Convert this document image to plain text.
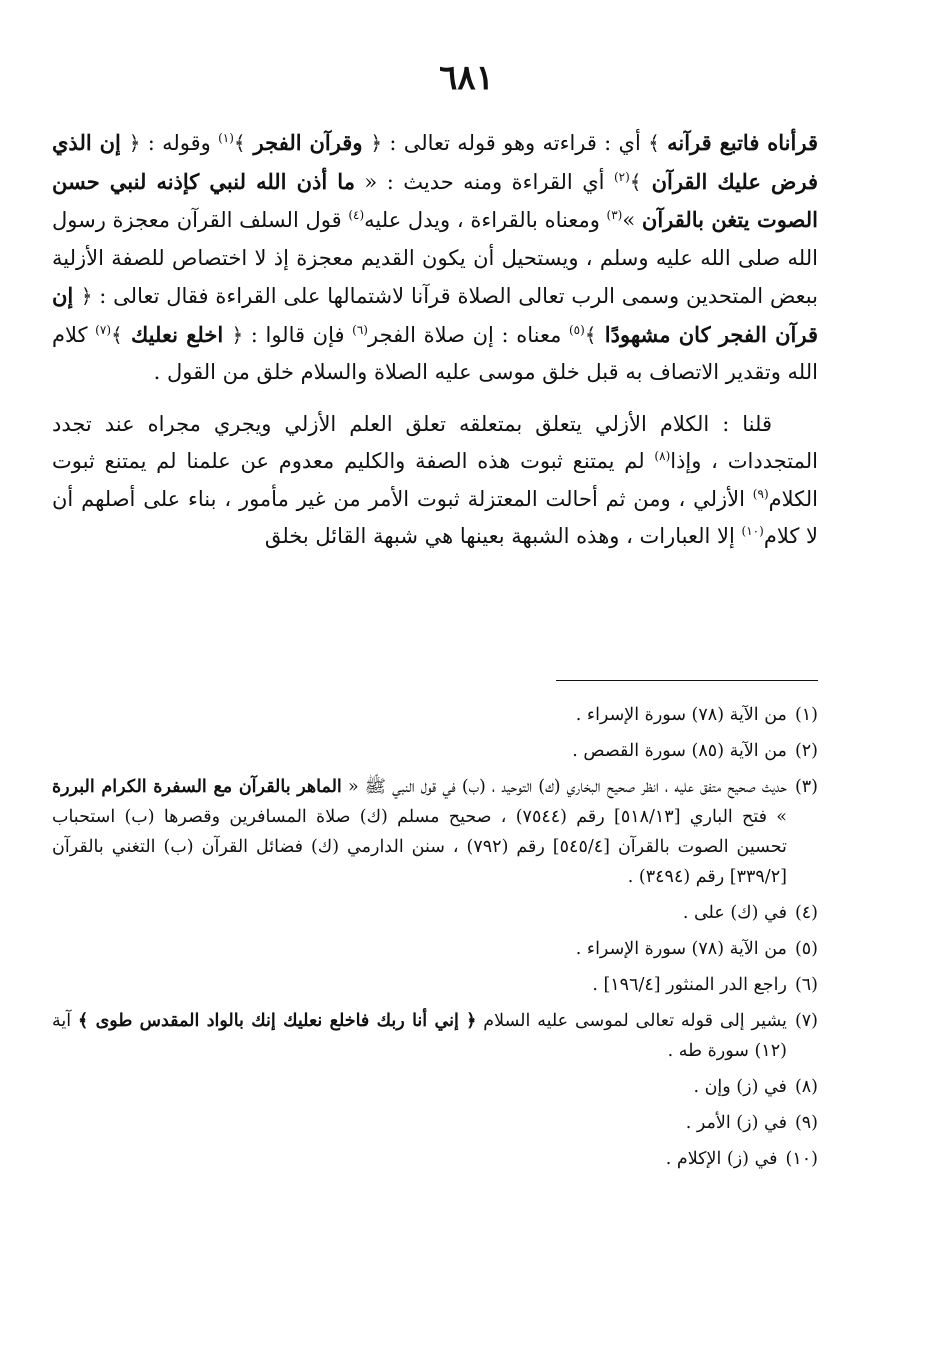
٦٨١

قرأناه فاتبع قرآنه ﴾ أي : قراءته وهو قوله تعالى : ﴿ وقرآن الفجر ﴾$^{(١)}$ وقوله : ﴿ إن الذي فرض عليك القرآن ﴾$^{(٢)}$ أي القراءة ومنه حديث : « ما أذن الله لنبي كإذنه لنبي حسن الصوت يتغن بالقرآن »$^{(٣)}$ ومعناه بالقراءة ، ويدل عليه$^{(٤)}$ قول السلف القرآن معجزة رسول الله صلى الله عليه وسلم ، ويستحيل أن يكون القديم معجزة إذ لا اختصاص للصفة الأزلية ببعض المتحدين وسمى الرب تعالى الصلاة قرآنا لاشتمالها على القراءة فقال تعالى : ﴿ إن قرآن الفجر كان مشهودًا ﴾$^{(٥)}$ معناه : إن صلاة الفجر$^{(٦)}$ فإن قالوا : ﴿ اخلع نعليك ﴾$^{(٧)}$ كلام الله وتقدير الاتصاف به قبل خلق موسى عليه الصلاة والسلام خلق من القول .

قلنا : الكلام الأزلي يتعلق بمتعلقه تعلق العلم الأزلي ويجري مجراه عند تجدد المتجددات ، وإذا$^{(٨)}$ لم يمتنع ثبوت هذه الصفة والكليم معدوم عن علمنا لم يمتنع ثبوت الكلام$^{(٩)}$ الأزلي ، ومن ثم أحالت المعتزلة ثبوت الأمر من غير مأمور ، بناء على أصلهم أن لا كلام$^{(١٠)}$ إلا العبارات ، وهذه الشبهة بعينها هي شبهة القائل بخلق

(١)
من الآية (٧٨) سورة الإسراء .
(٢)
من الآية (٨٥) سورة القصص .
(٣)
حديث صحيح متفق عليه ، انظر صحيح البخاري (ك) التوحيد ، (ب) في قول النبي ﷺ « الماهر بالقرآن مع السفرة الكرام البررة » فتح الباري [٥١٨/١٣] رقم (٧٥٤٤) ، صحيح مسلم (ك) صلاة المسافرين وقصرها (ب) استحباب تحسين الصوت بالقرآن [٥٤٥/٤] رقم (٧٩٢) ، سنن الدارمي (ك) فضائل القرآن (ب) التغني بالقرآن [٣٣٩/٢] رقم (٣٤٩٤) .
(٤)
في (ك) على .
(٥)
من الآية (٧٨) سورة الإسراء .
(٦)
راجع الدر المنثور [١٩٦/٤] .
(٧)
يشير إلى قوله تعالى لموسى عليه السلام ﴿ إني أنا ربك فاخلع نعليك إنك بالواد المقدس طوى ﴾ آية (١٢) سورة طه .
(٨)
في (ز) وإن .
(٩)
في (ز) الأمر .
(١٠)
في (ز) الإكلام .
